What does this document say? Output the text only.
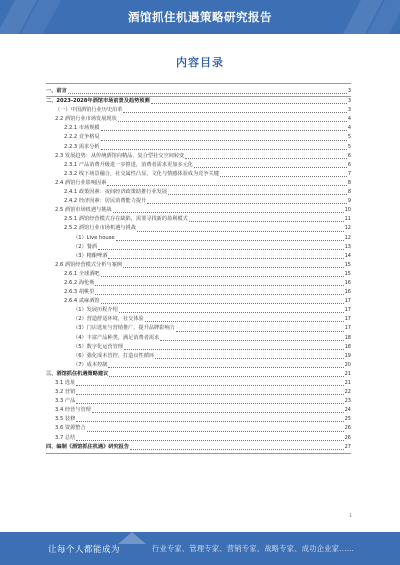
酒馆抓住机遇策略研究报告
内容目录
一、前言	3
二、2023-2028年酒馆市场前景及趋势预测	3
（一）中国酒馆行业历史沿革	3
2.2 酒馆行业市场发展现状	4
2.2.1 市场规模	4
2.2.2 竞争格局	5
2.2.3 需求分析	5
2.3 发展趋势：从传统酒馆向精品、复合型社交空间转变	6
2.3.1 产品消费升级进一步推进，消费者需求更加多元化	6
2.3.2 线下场景融合，社交属性凸显，文化与情感体验成为竞争关键	7
2.4 酒馆行业影响因素	8
2.4.1 政策因素：夜间经济政策助推行业发展	8
2.4.2 经济因素：居民消费能力提升	9
2.5 酒馆市场机遇与挑战	10
2.5.1 酒馆经营模式存在缺陷，需要寻找新的盈利模式	11
2.5.2 酒馆行业市场机遇与挑战	12
（1）Live house	12
（2）餐酒	13
（3）精酿啤酒	14
2.6 酒馆经营模式分析与案例	15
2.6.1 全球酒吧	15
2.6.2 海伦斯	16
2.6.3 胡桃里	16
2.6.4 贰麻酒馆	17
（1）发展历程介绍	17
（2）营造舒适环境，社交体验	17
（3）门店选址与营销推广，提升品牌影响力	17
（4）丰富产品种类，满足消费者需求	18
（5）数字化运营管理	18
（6）强化成本管控，打造良性循环	19
（7）成本控制	20
三、酒馆抓住机遇策略建议	21
3.1 选址	21
3.2 营销	22
3.3 产品	23
3.4 经营与管理	24
3.5 装修	25
3.6 资源整合	26
3.7 总结	26
四、编制《酒馆抓住机遇》研究报告	27
1
让每个人都能成为	行业专家、管理专家、营销专家、战略专家、成功企业家……
